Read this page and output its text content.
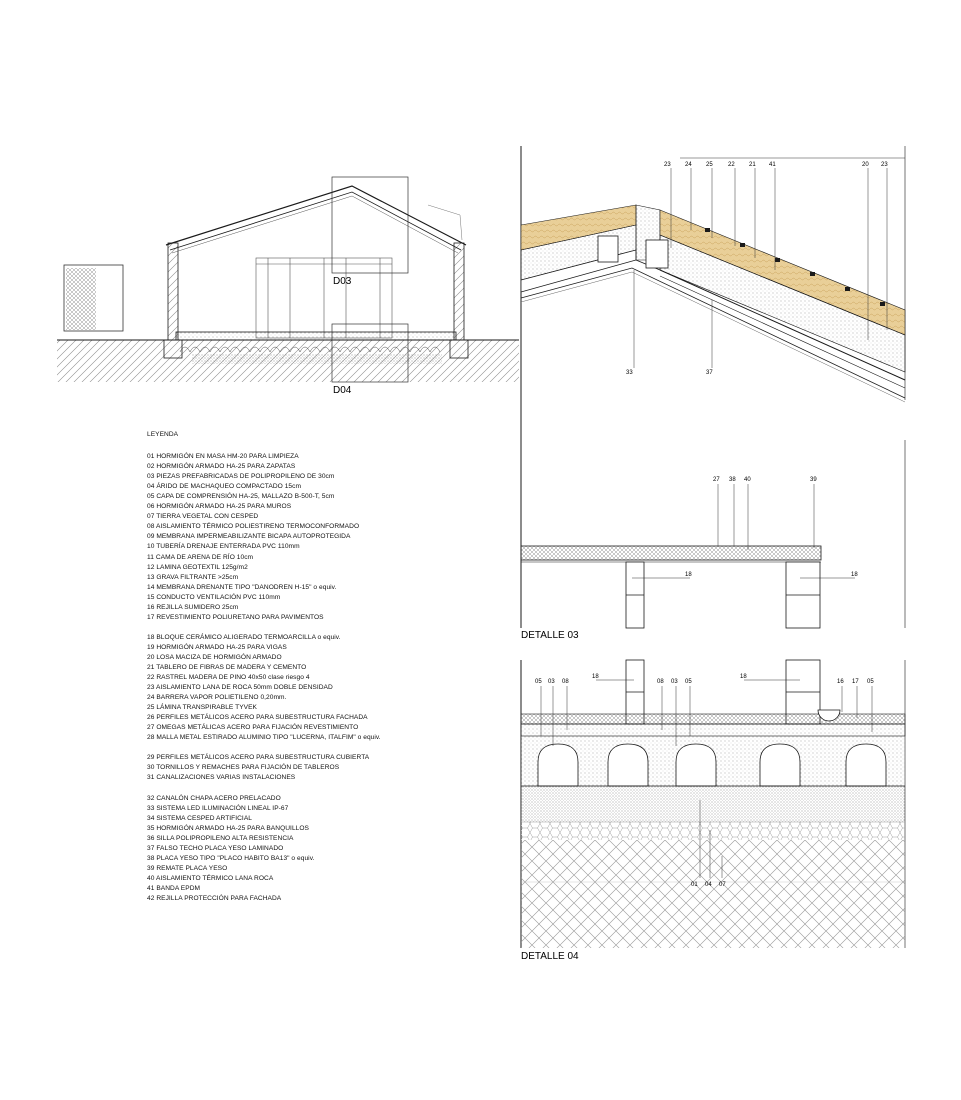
D03
D04
23 24 25	22 21 41	20 23
33	37
27 38 40	39
18	18
DETALLE 03
05 03 08
18	18
08 03 05	16 17 05
01 04 07
DETALLE 04
LEYENDA
01 HORMIGÓN EN MASA HM-20 PARA LIMPIEZA
02 HORMIGÓN ARMADO HA-25 PARA ZAPATAS
03 PIEZAS PREFABRICADAS DE POLIPROPILENO DE 30cm
04 ÁRIDO DE MACHAQUEO COMPACTADO 15cm
05 CAPA DE COMPRENSIÓN HA-25, MALLAZO B-500-T, 5cm
06 HORMIGÓN ARMADO HA-25 PARA MUROS
07 TIERRA VEGETAL CON CESPED
08 AISLAMIENTO TÉRMICO POLIESTIRENO TERMOCONFORMADO
09 MEMBRANA IMPERMEABILIZANTE BICAPA AUTOPROTEGIDA
10 TUBERÍA DRENAJE ENTERRADA PVC 110mm
11 CAMA DE ARENA DE RÍO 10cm
12 LAMINA GEOTEXTIL 125g/m2
13 GRAVA FILTRANTE >25cm
14 MEMBRANA DRENANTE TIPO "DANODREN H-15" o equiv.
15 CONDUCTO VENTILACIÓN PVC 110mm
16 REJILLA SUMIDERO 25cm
17 REVESTIMIENTO POLIURETANO PARA PAVIMENTOS
18 BLOQUE CERÁMICO ALIGERADO TERMOARCILLA o equiv.
19 HORMIGÓN ARMADO HA-25 PARA VIGAS
20 LOSA MACIZA DE HORMIGÓN ARMADO
21 TABLERO DE FIBRAS DE MADERA Y CEMENTO
22 RASTREL MADERA DE PINO 40x50 clase riesgo 4
23 AISLAMIENTO LANA DE ROCA 50mm DOBLE DENSIDAD
24 BARRERA VAPOR POLIETILENO 0,20mm.
25 LÁMINA TRANSPIRABLE TYVEK
26 PERFILES METÁLICOS ACERO PARA SUBESTRUCTURA FACHADA
27 OMEGAS METÁLICAS ACERO PARA FIJACIÓN REVESTIMIENTO
28 MALLA METAL ESTIRADO ALUMINIO TIPO "LUCERNA, ITALFIM" o equiv.
29 PERFILES METÁLICOS ACERO PARA SUBESTRUCTURA CUBIERTA
30 TORNILLOS Y REMACHES PARA FIJACIÓN DE TABLEROS
31 CANALIZACIONES VARIAS INSTALACIONES
32 CANALÓN CHAPA ACERO PRELACADO
33 SISTEMA LED ILUMINACIÓN LINEAL IP-67
34 SISTEMA CESPED ARTIFICIAL
35 HORMIGÓN ARMADO HA-25 PARA BANQUILLOS
36 SILLA POLIPROPILENO ALTA RESISTENCIA
37 FALSO TECHO PLACA YESO LAMINADO
38 PLACA YESO TIPO "PLACO HABITO BA13" o equiv.
39 REMATE PLACA YESO
40 AISLAMIENTO TÉRMICO LANA ROCA
41 BANDA EPDM
42 REJILLA PROTECCIÓN PARA FACHADA
